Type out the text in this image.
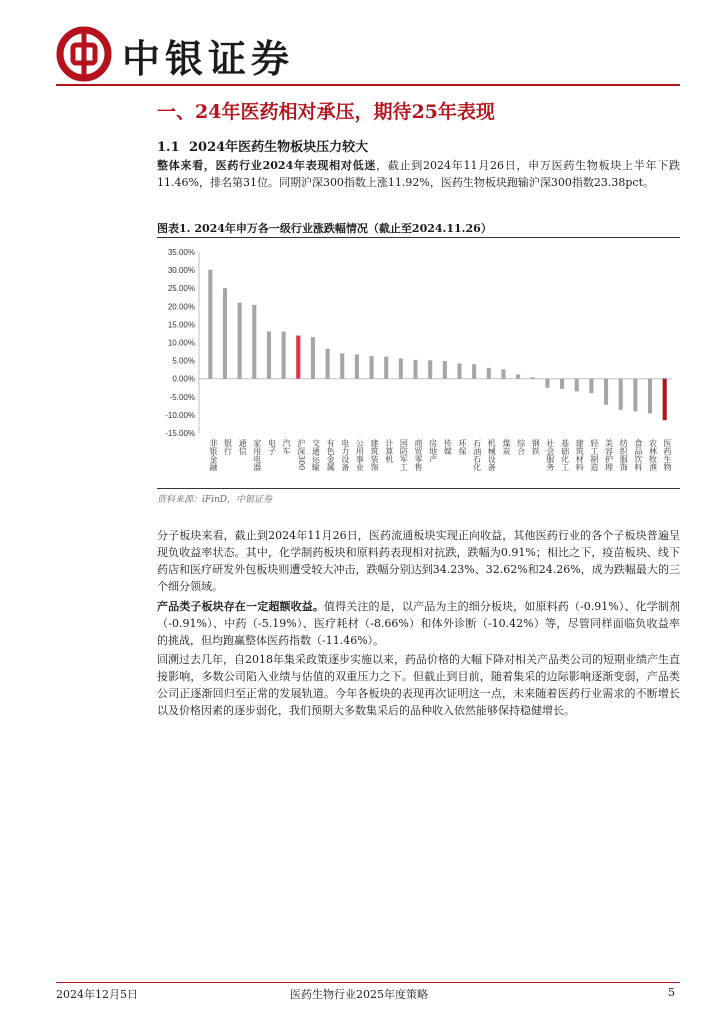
中银证券
一、24年医药相对承压，期待25年表现
1.1 2024年医药生物板块压力较大
整体来看，医药行业2024年表现相对低迷，截止到2024年11月26日，申万医药生物板块上半年下跌11.46%，排名第31位。同期沪深300指数上涨11.92%，医药生物板块跑输沪深300指数23.38pct。
图表1. 2024年申万各一级行业涨跌幅情况（截止至2024.11.26）
35.00%
30.00%
25.00%
20.00%
15.00%
10.00%
5.00%
0.00%
-5.00%
-10.00%
-15.00%
非银金融 银行 通信 家用电器 电子 汽车 沪深300 交通运输 有色金属 电力设备 公用事业 建筑装饰 计算机 国防军工 商贸零售 房地产 传媒 环保 石油石化 机械设备 煤炭 综合 钢铁 社会服务 基础化工 建筑材料 轻工制造 美容护理 纺织服饰 食品饮料 农林牧渔 医药生物
资料来源：iFinD，中银证券
分子板块来看，截止到2024年11月26日，医药流通板块实现正向收益，其他医药行业的各个子板块普遍呈现负收益率状态。其中，化学制药板块和原料药表现相对抗跌，跌幅为0.91%；相比之下，疫苗板块、线下药店和医疗研发外包板块则遭受较大冲击，跌幅分别达到34.23%、32.62%和24.26%，成为跌幅最大的三个细分领域。
产品类子板块存在一定超额收益。值得关注的是，以产品为主的细分板块，如原料药（-0.91%）、化学制剂（-0.91%）、中药（-5.19%）、医疗耗材（-8.66%）和体外诊断（-10.42%）等，尽管同样面临负收益率的挑战，但均跑赢整体医药指数（-11.46%）。
回溯过去几年，自2018年集采政策逐步实施以来，药品价格的大幅下降对相关产品类公司的短期业绩产生直接影响，多数公司陷入业绩与估值的双重压力之下。但截止到目前，随着集采的边际影响逐渐变弱，产品类公司正逐渐回归至正常的发展轨道。今年各板块的表现再次证明这一点，未来随着医药行业需求的不断增长以及价格因素的逐步弱化，我们预期大多数集采后的品种收入依然能够保持稳健增长。
2024年12月5日	医药生物行业2025年度策略	5
